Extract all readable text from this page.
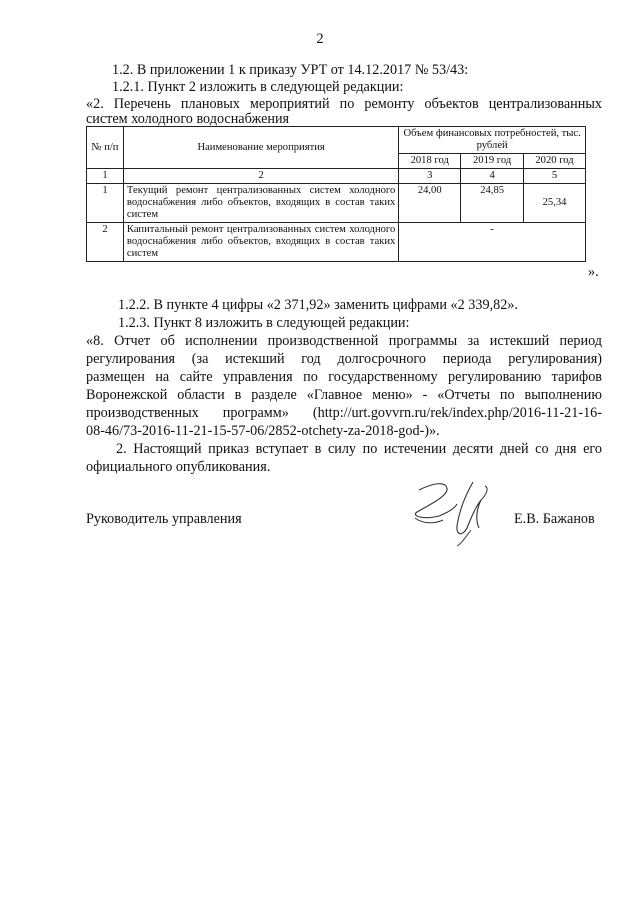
2
1.2. В приложении 1 к приказу УРТ от 14.12.2017 № 53/43:
1.2.1. Пункт 2 изложить в следующей редакции:
«2. Перечень плановых мероприятий по ремонту объектов централизованных
систем холодного водоснабжения
№ п/п	Наименование мероприятия	Объем финансовых потребностей, тыс. рублей		
		2018 год	2019 год	2020 год
1	2	3	4	5
1	Текущий ремонт централизованных систем холодного водоснабжения либо объектов, входящих в состав таких систем	24,00	24,85	25,34
2	Капитальный ремонт централизованных систем холодного водоснабжения либо объектов, входящих в состав таких систем	-		
».
1.2.2. В пункте 4 цифры «2 371,92» заменить цифрами «2 339,82».
1.2.3. Пункт 8 изложить в следующей редакции:
«8. Отчет об исполнении производственной программы за истекший период
регулирования (за истекший год долгосрочного периода регулирования)
размещен на сайте управления по государственному регулированию тарифов
Воронежской области в разделе «Главное меню» - «Отчеты по выполнению
производственных программ» (http://urt.govvrn.ru/rek/index.php/2016-11-21-16-
08-46/73-2016-11-21-15-57-06/2852-otchety-za-2018-god-)».
2. Настоящий приказ вступает в силу по истечении десяти дней со дня его
официального опубликования.
Руководитель управления	Е.В. Бажанов
